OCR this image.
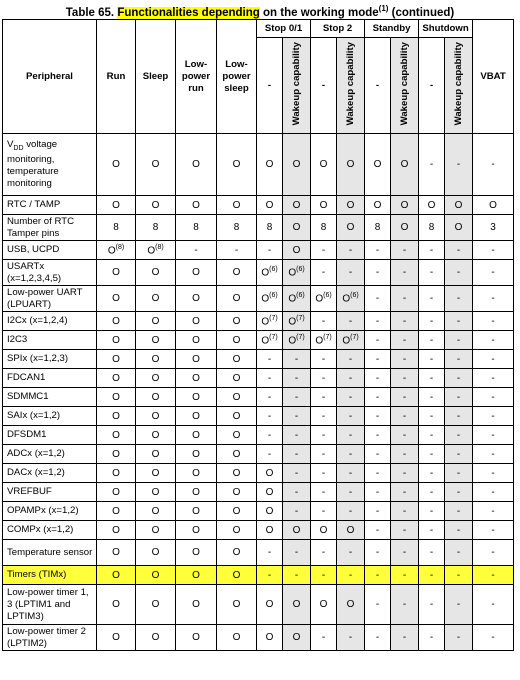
Table 65. Functionalities depending on the working mode$^{(1)}$ (continued)
Peripheral	Run	Sleep	Low-power run	Low-power sleep	Stop 0/1		Stop 2		Standby		Shutdown		VBAT
					-	Wakeup capability	-	Wakeup capability	-	Wakeup capability	-	Wakeup capability	
$V_{DD}$ voltage monitoring, temperature monitoring	O	O	O	O	O	O	O	O	O	O	-	-	-
RTC / TAMP	O	O	O	O	O	O	O	O	O	O	O	O	O
Number of RTC Tamper pins	8	8	8	8	8	O	8	O	8	O	8	O	3
USB, UCPD	$O^{(8)}$	$O^{(8)}$	-	-	-	O	-	-	-	-	-	-	-
USARTx (x=1,2,3,4,5)	O	O	O	O	$O^{(6)}$	$O^{(6)}$	-	-	-	-	-	-	-
Low-power UART (LPUART)	O	O	O	O	$O^{(6)}$	$O^{(6)}$	$O^{(6)}$	$O^{(6)}$	-	-	-	-	-
I2Cx (x=1,2,4)	O	O	O	O	$O^{(7)}$	$O^{(7)}$	-	-	-	-	-	-	-
I2C3	O	O	O	O	$O^{(7)}$	$O^{(7)}$	$O^{(7)}$	$O^{(7)}$	-	-	-	-	-
SPIx (x=1,2,3)	O	O	O	O	-	-	-	-	-	-	-	-	-
FDCAN1	O	O	O	O	-	-	-	-	-	-	-	-	-
SDMMC1	O	O	O	O	-	-	-	-	-	-	-	-	-
SAIx (x=1,2)	O	O	O	O	-	-	-	-	-	-	-	-	-
DFSDM1	O	O	O	O	-	-	-	-	-	-	-	-	-
ADCx (x=1,2)	O	O	O	O	-	-	-	-	-	-	-	-	-
DACx (x=1,2)	O	O	O	O	O	-	-	-	-	-	-	-	-
VREFBUF	O	O	O	O	O	-	-	-	-	-	-	-	-
OPAMPx (x=1,2)	O	O	O	O	O	-	-	-	-	-	-	-	-
COMPx (x=1,2)	O	O	O	O	O	O	O	O	-	-	-	-	-
Temperature sensor	O	O	O	O	-	-	-	-	-	-	-	-	-
Timers (TIMx)	O	O	O	O	-	-	-	-	-	-	-	-	-
Low-power timer 1, 3 (LPTIM1 and LPTIM3)	O	O	O	O	O	O	O	O	-	-	-	-	-
Low-power timer 2 (LPTIM2)	O	O	O	O	O	O	-	-	-	-	-	-	-
